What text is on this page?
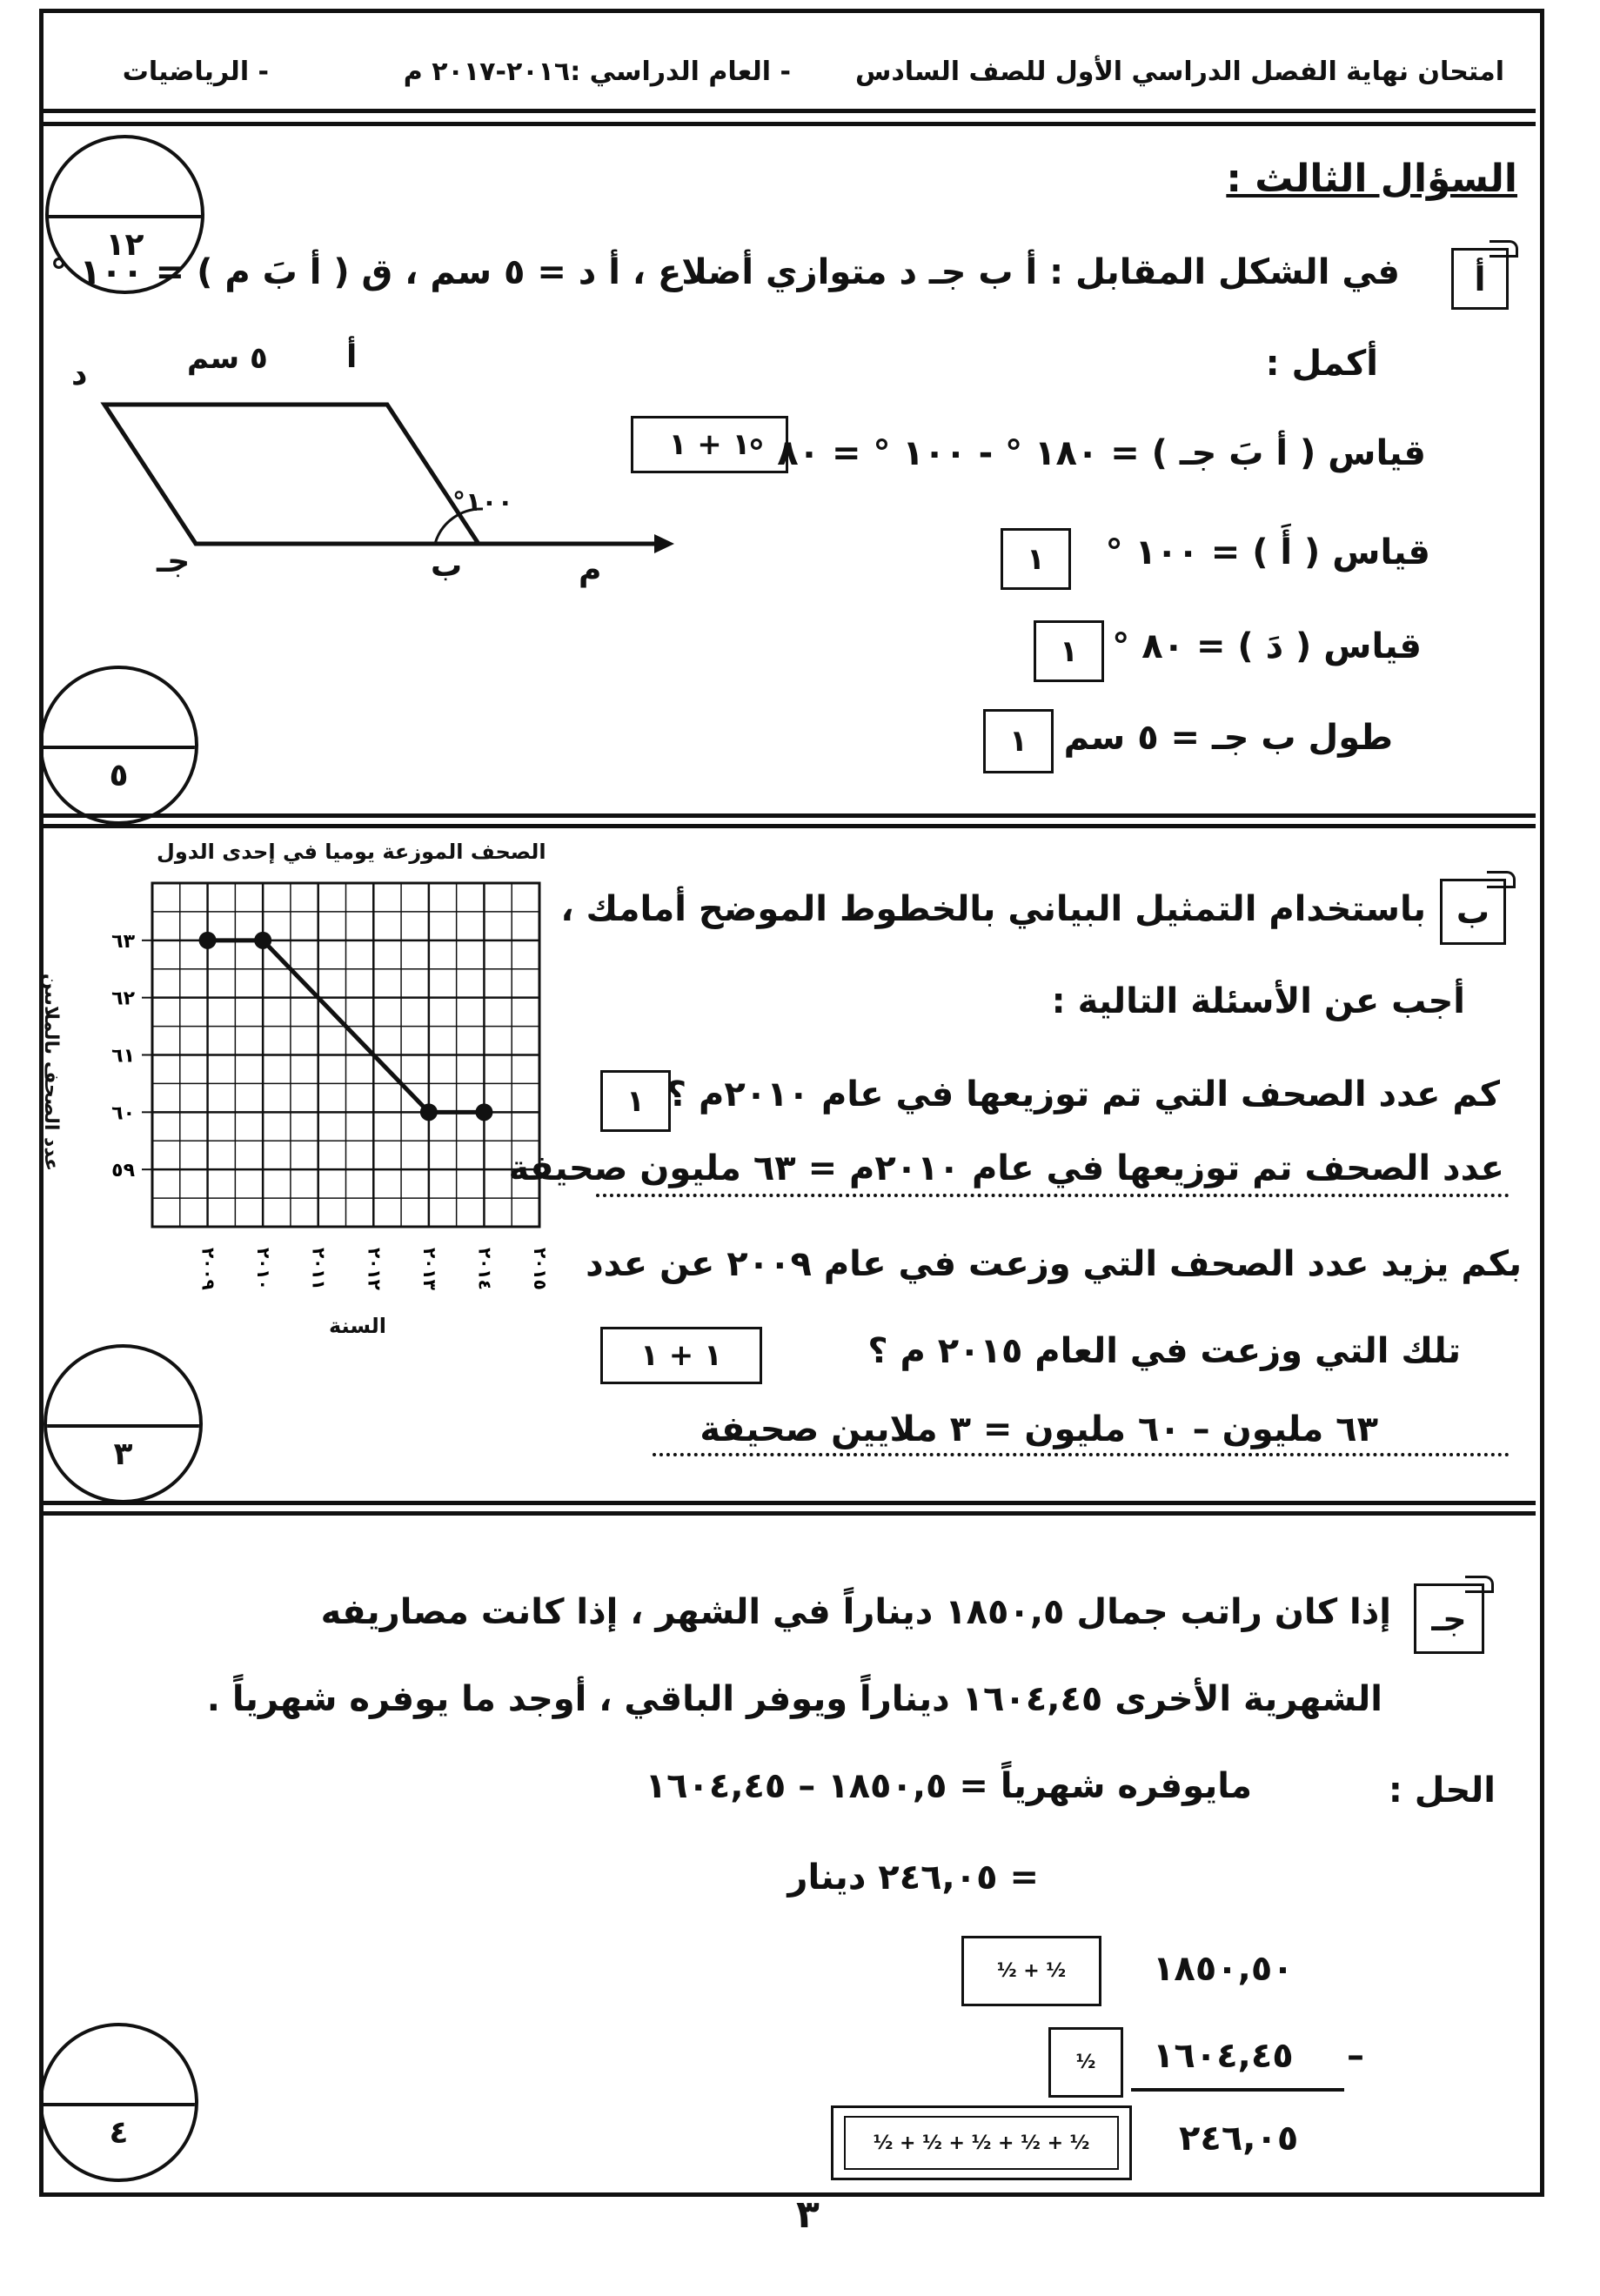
امتحان نهاية الفصل الدراسي الأول للصف السادس
- العام الدراسي :٢٠١٦-٢٠١٧ م
- الرياضيات
السؤال الثالث :
١٢
أ
في الشكل المقابل : أ ب جـ د متوازي أضلاع ، أ د = ٥ سم ، ق ( أ بَ م ) = ١٠٠ °
أكمل :
أ
د	٥ سم
١٠٠°
جـ	ب	م
١ + ١
قياس ( أ بَ جـ ) = ١٨٠ ° - ١٠٠ ° = ٨٠ °
١ قياس ( أَ ) = ١٠٠ °
١ قياس ( دَ ) = ٨٠ °
١ طول ب جـ = ٥ سم
٥
الصحف الموزعة يوميا في إحدى الدول
٥٩
٦٠
٦١
٦٢
٦٣
٢٠٠٩ ٢٠١٠ ٢٠١١ ٢٠١٢ ٢٠١٣ ٢٠١٤ ٢٠١٥
عدد الصحف بالملايين
السنة
ب
باستخدام التمثيل البياني بالخطوط الموضح أمامك ،
أجب عن الأسئلة التالية :
١ كم عدد الصحف التي تم توزيعها في عام ٢٠١٠م ؟
عدد الصحف تم توزيعها في عام ٢٠١٠م = ٦٣ مليون صحيفة
بكم يزيد عدد الصحف التي وزعت في عام ٢٠٠٩ عن عدد
١ + ١	تلك التي وزعت في العام ٢٠١٥ م ؟
٦٣ مليون – ٦٠ مليون = ٣ ملايين صحيفة
٣
جـ
إذا كان راتب جمال ١٨٥٠,٥ ديناراً في الشهر ، إذا كانت مصاريفه
الشهرية الأخرى ١٦٠٤,٤٥ ديناراً ويوفر الباقي ، أوجد ما يوفره شهرياً .
الحل :
مايوفره شهرياً = ١٨٥٠,٥ – ١٦٠٤,٤٥
= ٢٤٦,٠٥ دينار
½ + ½ ١٨٥٠,٥٠
½ ١٦٠٤,٤٥ –
½ + ½ + ½ + ½ + ½	٢٤٦,٠٥
٤
٣
